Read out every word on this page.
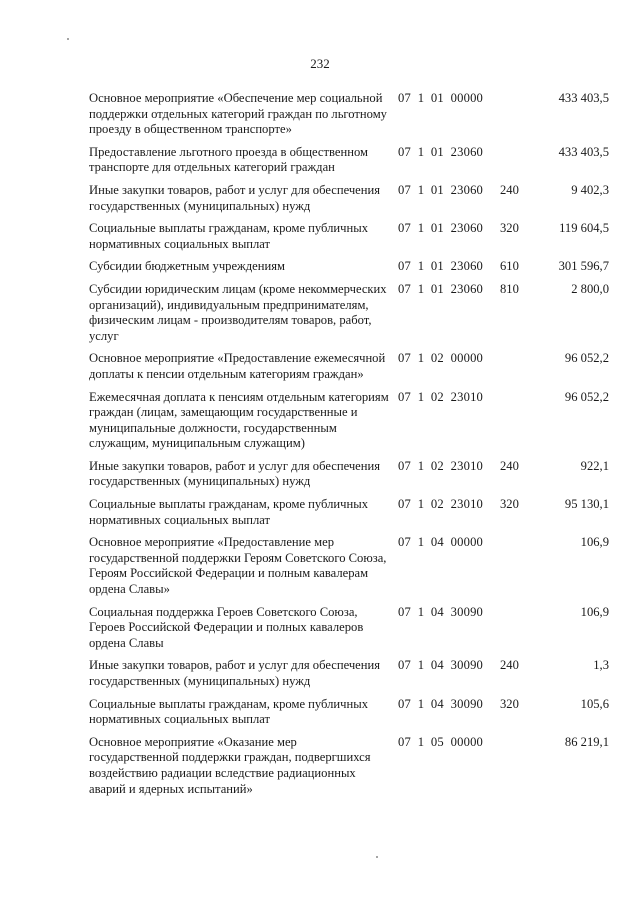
232
Основное мероприятие «Обеспечение мер социальной поддержки отдельных категорий граждан по льготному проезду в общественном транспорте»
07  1  01  00000	433 403,5
Предоставление льготного проезда в общественном транспорте для отдельных категорий граждан
07  1  01  23060	433 403,5
Иные закупки товаров, работ и услуг для обеспечения государственных (муниципальных) нужд
07  1  01  23060 240	9 402,3
Социальные выплаты гражданам, кроме публичных нормативных социальных выплат
07  1  01  23060 320	119 604,5
Субсидии бюджетным учреждениям	07  1  01  23060 610	301 596,7
Субсидии юридическим лицам (кроме некоммерческих организаций), индивидуальным предпринимателям, физическим лицам - производителям товаров, работ, услуг
07  1  01  23060 810	2 800,0
Основное мероприятие «Предоставление ежемесячной доплаты к пенсии отдельным категориям граждан»
07  1  02  00000	96 052,2
Ежемесячная доплата к пенсиям отдельным категориям граждан (лицам, замещающим государственные и муниципальные должности, государственным служащим, муниципальным служащим)
07  1  02  23010	96 052,2
Иные закупки товаров, работ и услуг для обеспечения государственных (муниципальных) нужд
07  1  02  23010 240	922,1
Социальные выплаты гражданам, кроме публичных нормативных социальных выплат
07  1  02  23010 320	95 130,1
Основное мероприятие «Предоставление мер государственной поддержки Героям Советского Союза, Героям Российской Федерации и полным кавалерам ордена Славы»
07  1  04  00000	106,9
Социальная поддержка Героев Советского Союза, Героев Российской Федерации и полных кавалеров ордена Славы
07  1  04  30090	106,9
Иные закупки товаров, работ и услуг для обеспечения государственных (муниципальных) нужд
07  1  04  30090 240	1,3
Социальные выплаты гражданам, кроме публичных нормативных социальных выплат
07  1  04  30090 320	105,6
Основное мероприятие «Оказание мер государственной поддержки граждан, подвергшихся воздействию радиации вследствие радиационных аварий и ядерных испытаний»
07  1  05  00000	86 219,1
